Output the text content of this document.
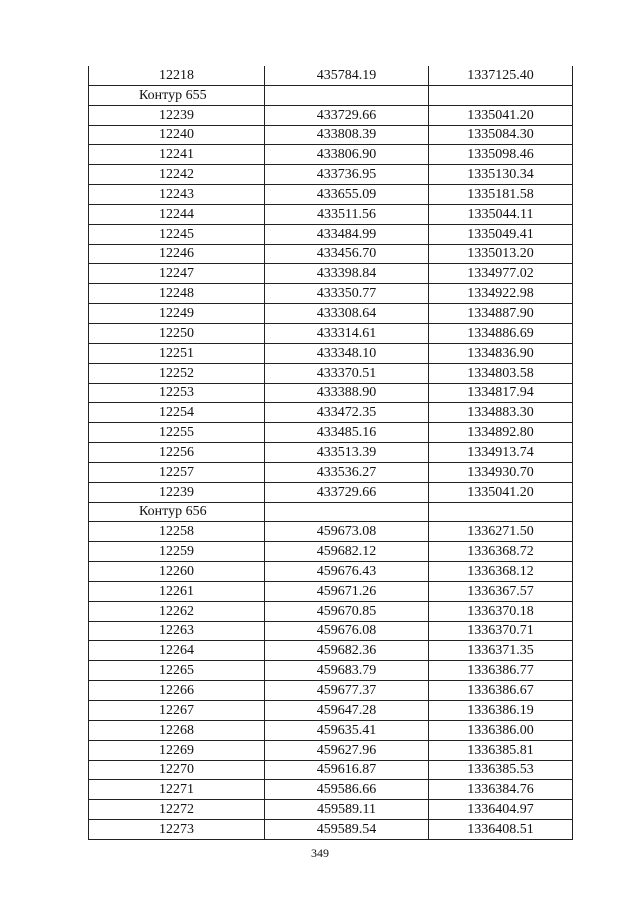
12218	435784.19	1337125.40
Контур 655		
12239	433729.66	1335041.20
12240	433808.39	1335084.30
12241	433806.90	1335098.46
12242	433736.95	1335130.34
12243	433655.09	1335181.58
12244	433511.56	1335044.11
12245	433484.99	1335049.41
12246	433456.70	1335013.20
12247	433398.84	1334977.02
12248	433350.77	1334922.98
12249	433308.64	1334887.90
12250	433314.61	1334886.69
12251	433348.10	1334836.90
12252	433370.51	1334803.58
12253	433388.90	1334817.94
12254	433472.35	1334883.30
12255	433485.16	1334892.80
12256	433513.39	1334913.74
12257	433536.27	1334930.70
12239	433729.66	1335041.20
Контур 656		
12258	459673.08	1336271.50
12259	459682.12	1336368.72
12260	459676.43	1336368.12
12261	459671.26	1336367.57
12262	459670.85	1336370.18
12263	459676.08	1336370.71
12264	459682.36	1336371.35
12265	459683.79	1336386.77
12266	459677.37	1336386.67
12267	459647.28	1336386.19
12268	459635.41	1336386.00
12269	459627.96	1336385.81
12270	459616.87	1336385.53
12271	459586.66	1336384.76
12272	459589.11	1336404.97
12273	459589.54	1336408.51
349
